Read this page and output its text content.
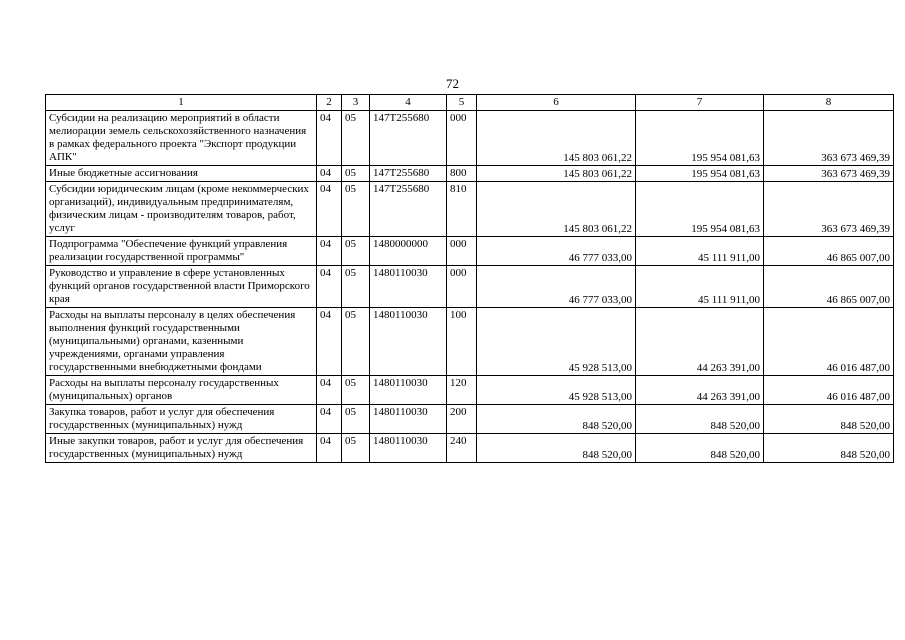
72
1	2	3	4	5	6	7	8
Субсидии на реализацию мероприятий в области мелиорации земель сельскохозяйственного назначения в рамках федерального проекта "Экспорт продукции АПК"	04	05	147T255680	000	145 803 061,22	195 954 081,63	363 673 469,39
Иные бюджетные ассигнования	04	05	147T255680	800	145 803 061,22	195 954 081,63	363 673 469,39
Субсидии юридическим лицам (кроме некоммерческих организаций), индивидуальным предпринимателям, физическим лицам - производителям товаров, работ, услуг	04	05	147T255680	810	145 803 061,22	195 954 081,63	363 673 469,39
Подпрограмма "Обеспечение функций управления реализации государственной программы"	04	05	1480000000	000	46 777 033,00	45 111 911,00	46 865 007,00
Руководство и управление в сфере установленных функций органов государственной власти Приморского края	04	05	1480110030	000	46 777 033,00	45 111 911,00	46 865 007,00
Расходы на выплаты персоналу в целях обеспечения выполнения функций государственными (муниципальными) органами, казенными учреждениями, органами управления государственными внебюджетными фондами	04	05	1480110030	100	45 928 513,00	44 263 391,00	46 016 487,00
Расходы на выплаты персоналу государственных (муниципальных) органов	04	05	1480110030	120	45 928 513,00	44 263 391,00	46 016 487,00
Закупка товаров, работ и услуг для обеспечения государственных (муниципальных) нужд	04	05	1480110030	200	848 520,00	848 520,00	848 520,00
Иные закупки товаров, работ и услуг для обеспечения государственных (муниципальных) нужд	04	05	1480110030	240	848 520,00	848 520,00	848 520,00
